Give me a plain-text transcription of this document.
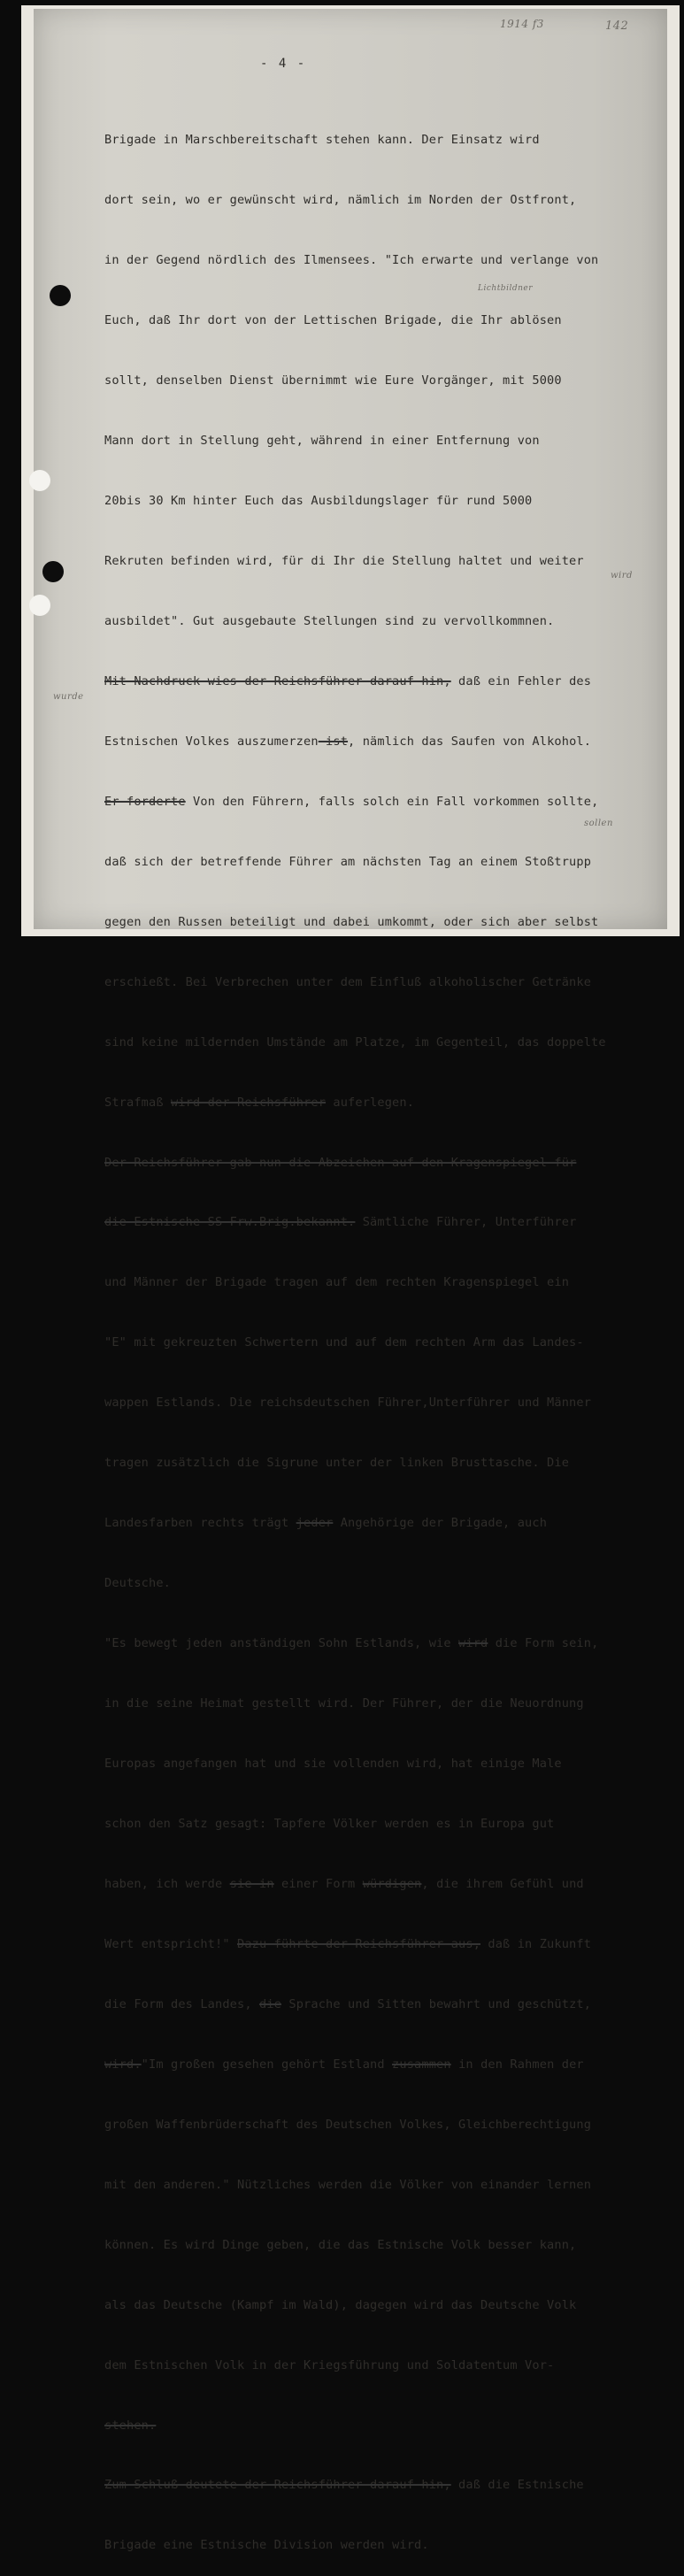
1914 f3	142
- 4 -

Brigade in Marschbereitschaft stehen kann. Der Einsatz wird

dort sein, wo er gewünscht wird, nämlich im Norden der Ostfront,

in der Gegend nördlich des Ilmensees. "Ich erwarte und verlange von

Euch, daß Ihr dort von der Lettischen Brigade, die Ihr ablösen

sollt, denselben Dienst übernimmt wie Eure Vorgänger, mit 5000

Mann dort in Stellung geht, während in einer Entfernung von

20bis 30 Km hinter Euch das Ausbildungslager für rund 5000

Rekruten befinden wird, für di Ihr die Stellung haltet und weiter

ausbildet". Gut ausgebaute Stellungen sind zu vervollkommnen.

Mit Nachdruck wies der Reichsführer darauf hin, daß ein Fehler des

Estnischen Volkes auszumerzen ist, nämlich das Saufen von Alkohol.

Er forderte Von den Führern, falls solch ein Fall vorkommen sollte,

daß sich der betreffende Führer am nächsten Tag an einem Stoßtrupp

gegen den Russen beteiligt und dabei umkommt, oder sich aber selbst

erschießt. Bei Verbrechen unter dem Einfluß alkoholischer Getränke

sind keine mildernden Umstände am Platze, im Gegenteil, das doppelte

Strafmaß wird der Reichsführer auferlegen.

Der Reichsführer gab nun die Abzeichen auf den Kragenspiegel für

die Estnische SS-Frw.Brig.bekannt. Sämtliche Führer, Unterführer

und Männer der Brigade tragen auf dem rechten Kragenspiegel ein

"E" mit gekreuzten Schwertern und auf dem rechten Arm das Landes-

wappen Estlands. Die reichsdeutschen Führer,Unterführer und Männer

tragen zusätzlich die Sigrune unter der linken Brusttasche. Die

Landesfarben rechts trägt jeder Angehörige der Brigade, auch

Deutsche.

"Es bewegt jeden anständigen Sohn Estlands, wie wird die Form sein,

in die seine Heimat gestellt wird. Der Führer, der die Neuordnung

Europas angefangen hat und sie vollenden wird, hat einige Male

schon den Satz gesagt: Tapfere Völker werden es in Europa gut

haben, ich werde sie in einer Form würdigen, die ihrem Gefühl und

Wert entspricht!" Dazu führte der Reichsführer aus, daß in Zukunft

die Form des Landes, die Sprache und Sitten bewahrt und geschützt,

wird."Im großen gesehen gehört Estland zusammen in den Rahmen der

großen Waffenbrüderschaft des Deutschen Volkes, Gleichberechtigung

mit den anderen." Nützliches werden die Völker von einander lernen

können. Es wird Dinge geben, die das Estnische Volk besser kann,

als das Deutsche (Kampf im Wald), dagegen wird das Deutsche Volk

dem Estnischen Volk in der Kriegsführung und Soldatentum Vor-

stehen.

Zum Schluß deutete der Reichsführer darauf hin, daß die Estnische

Brigade eine Estnische Division werden wird.

wurde
wird
Lichtbildner
sollen
